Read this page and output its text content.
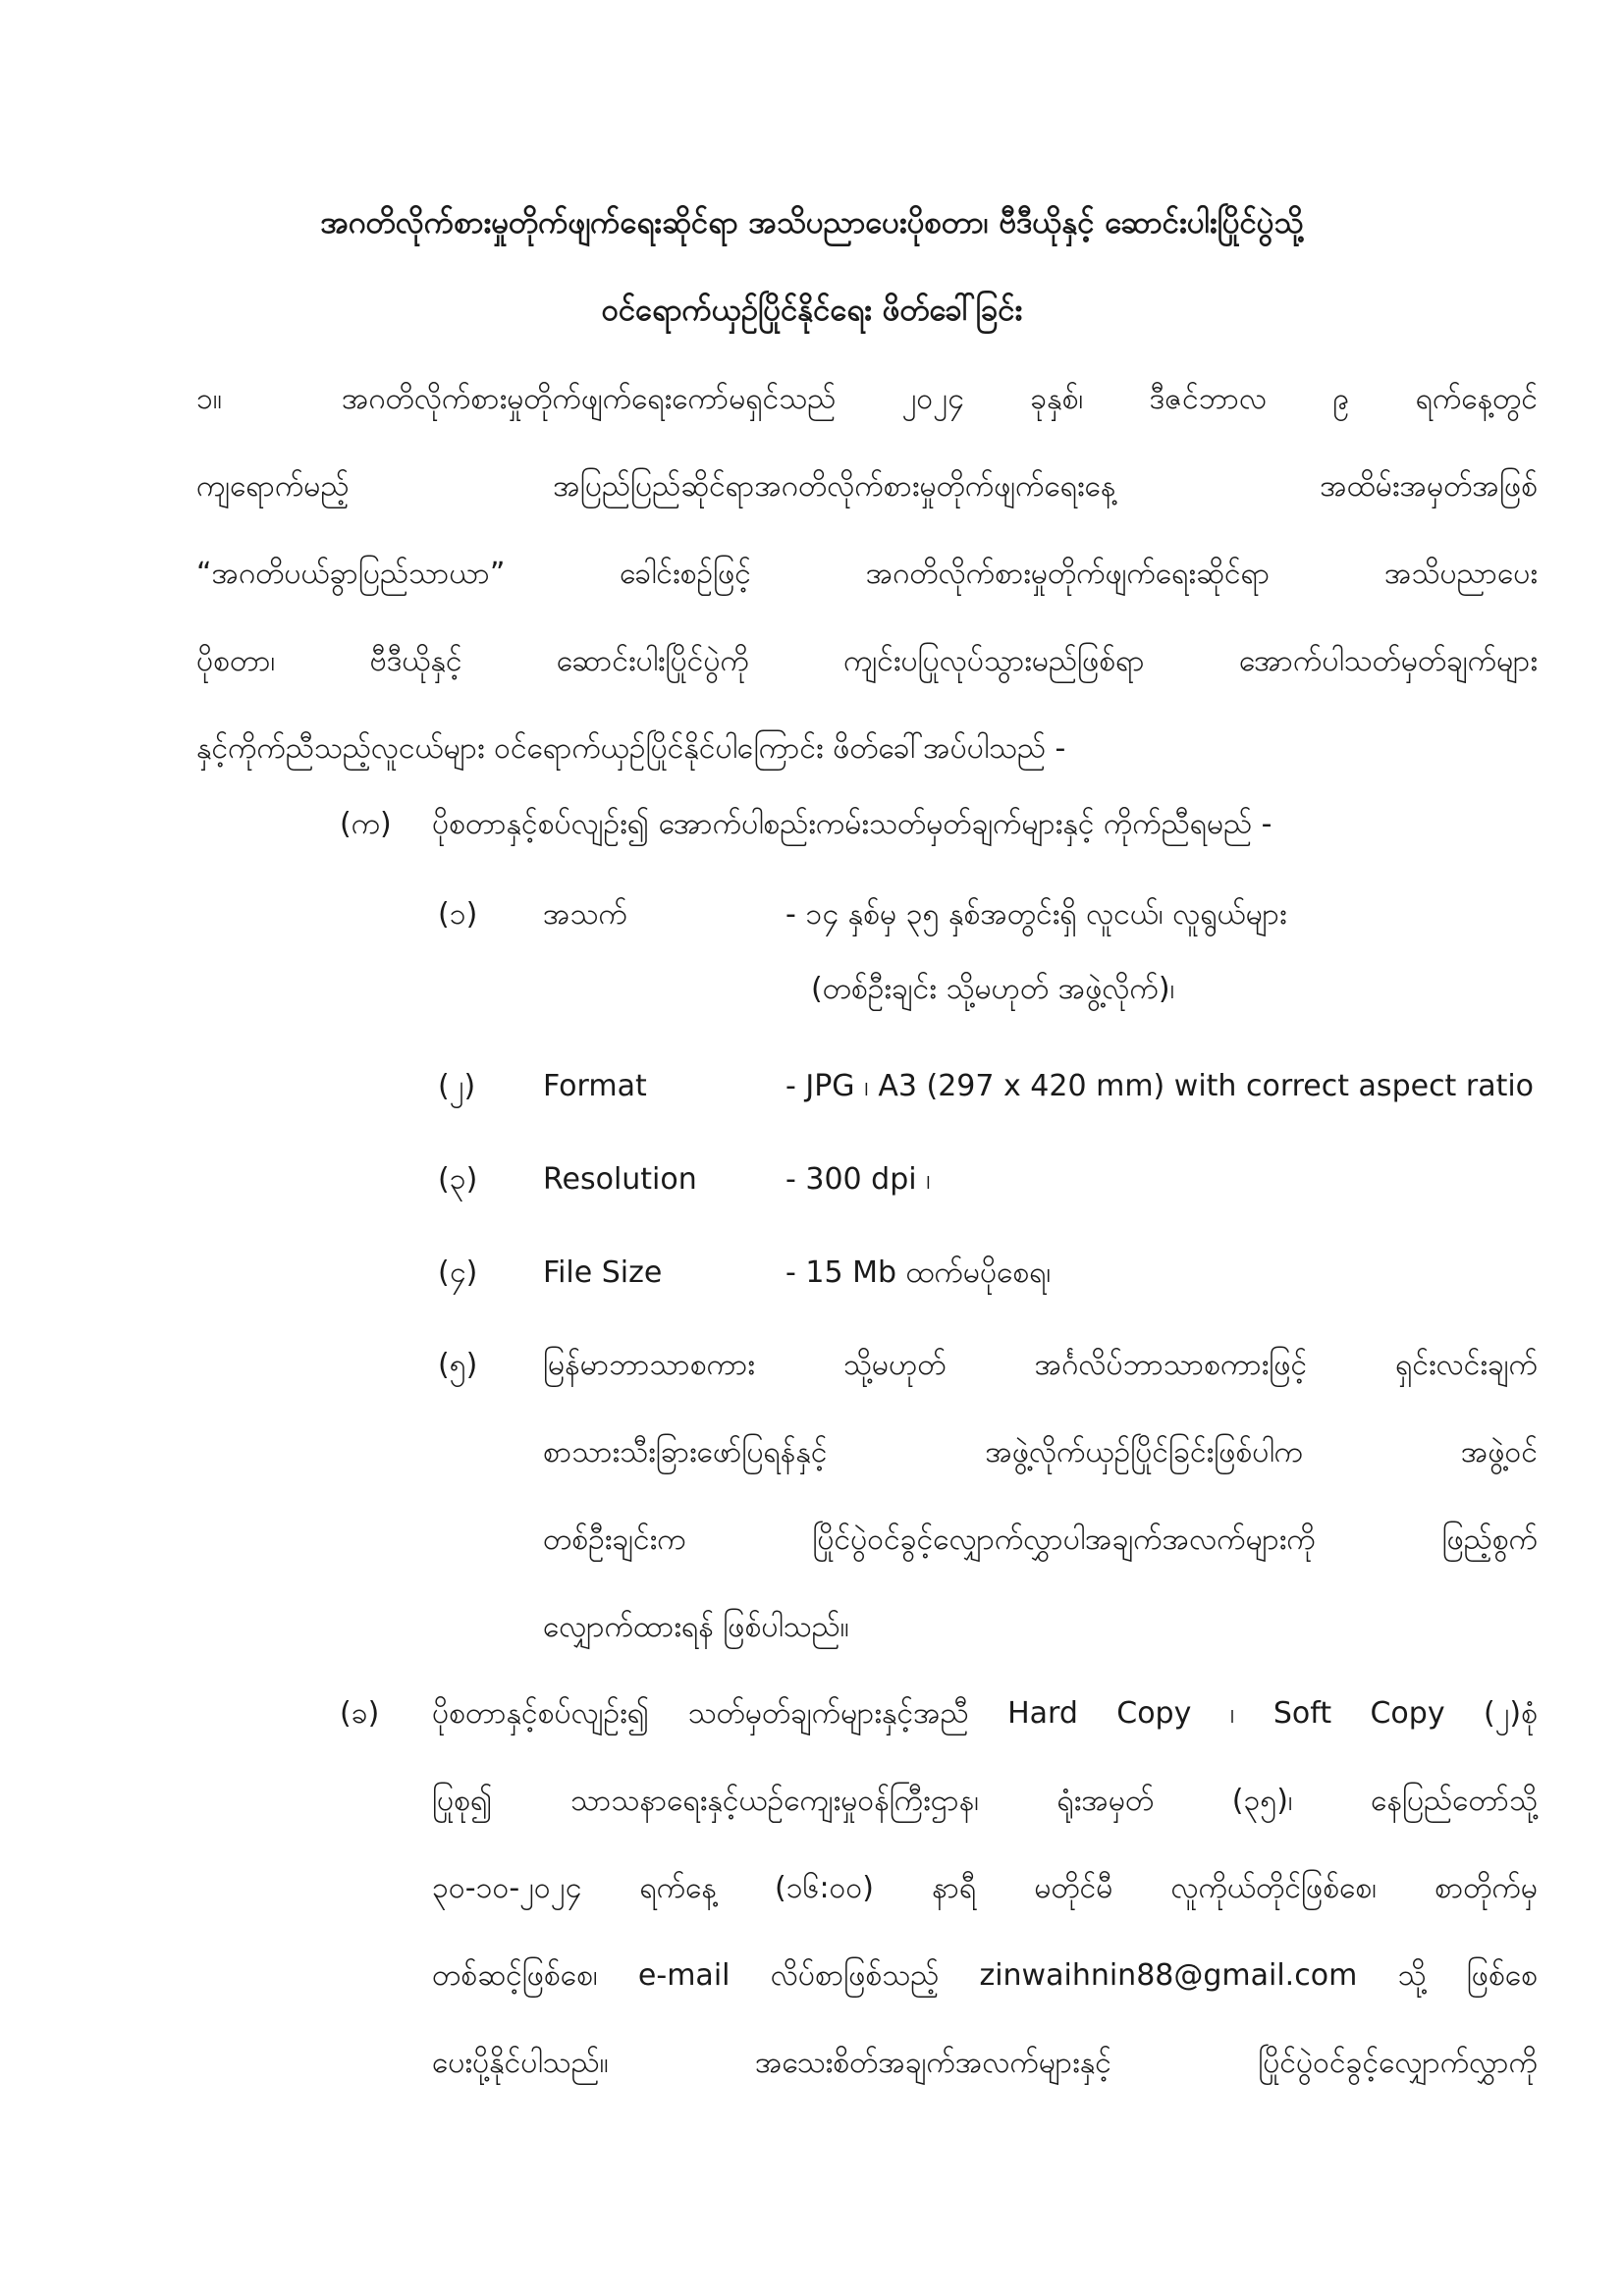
အဂတိလိုက်စားမှုတိုက်ဖျက်ရေးဆိုင်ရာ အသိပညာပေးပိုစတာ၊ ဗီဒီယိုနှင့် ဆောင်းပါးပြိုင်ပွဲသို့
ဝင်ရောက်ယှဉ်ပြိုင်နိုင်ရေး ဖိတ်ခေါ်ခြင်း
၁။	အဂတိလိုက်စားမှုတိုက်ဖျက်ရေးကော်မရှင်သည် ၂၀၂၄ ခုနှစ်၊ ဒီဇင်ဘာလ ၉ ရက်နေ့တွင်
ကျရောက်မည့် အပြည်ပြည်ဆိုင်ရာအဂတိလိုက်စားမှုတိုက်ဖျက်ရေးနေ့ အထိမ်းအမှတ်အဖြစ်
“အဂတိပယ်ခွာပြည်သာယာ” ခေါင်းစဉ်ဖြင့် အဂတိလိုက်စားမှုတိုက်ဖျက်ရေးဆိုင်ရာ အသိပညာပေး
ပိုစတာ၊ ဗီဒီယိုနှင့် ဆောင်းပါးပြိုင်ပွဲကို ကျင်းပပြုလုပ်သွားမည်ဖြစ်ရာ အောက်ပါသတ်မှတ်ချက်များ
နှင့်ကိုက်ညီသည့်လူငယ်များ ဝင်ရောက်ယှဉ်ပြိုင်နိုင်ပါကြောင်း ဖိတ်ခေါ်အပ်ပါသည် -
(က) ပိုစတာနှင့်စပ်လျဉ်း၍ အောက်ပါစည်းကမ်းသတ်မှတ်ချက်များနှင့် ကိုက်ညီရမည် -
(၁) အသက်	- ၁၄ နှစ်မှ ၃၅ နှစ်အတွင်းရှိ လူငယ်၊ လူရွယ်များ
(တစ်ဦးချင်း သို့မဟုတ် အဖွဲ့လိုက်)၊
(၂) Format	- JPG ၊ A3 (297 x 420 mm) with correct aspect ratio
(၃) Resolution	- 300 dpi ၊
(၄) File Size	- 15 Mb ထက်မပိုစေရ၊
(၅) မြန်မာဘာသာစကား သို့မဟုတ် အင်္ဂလိပ်ဘာသာစကားဖြင့် ရှင်းလင်းချက်
စာသားသီးခြားဖော်ပြရန်နှင့် အဖွဲ့လိုက်ယှဉ်ပြိုင်ခြင်းဖြစ်ပါက အဖွဲ့ဝင်
တစ်ဦးချင်းက ပြိုင်ပွဲဝင်ခွင့်လျှောက်လွှာပါအချက်အလက်များကို ဖြည့်စွက်
လျှောက်ထားရန် ဖြစ်ပါသည်။
(ခ) ပိုစတာနှင့်စပ်လျဉ်း၍ သတ်မှတ်ချက်များနှင့်အညီ Hard Copy ၊ Soft Copy (၂)စုံ
ပြုစု၍ သာသနာရေးနှင့်ယဉ်ကျေးမှုဝန်ကြီးဌာန၊ ရုံးအမှတ် (၃၅)၊ နေပြည်တော်သို့
၃၀-၁၀-၂၀၂၄ ရက်နေ့ (၁၆:၀၀) နာရီ မတိုင်မီ လူကိုယ်တိုင်ဖြစ်စေ၊ စာတိုက်မှ
တစ်ဆင့်ဖြစ်စေ၊ e-mail လိပ်စာဖြစ်သည့် zinwaihnin88@gmail.com သို့ ဖြစ်စေ
ပေးပို့နိုင်ပါသည်။ အသေးစိတ်အချက်အလက်များနှင့် ပြိုင်ပွဲဝင်ခွင့်လျှောက်လွှာကို
